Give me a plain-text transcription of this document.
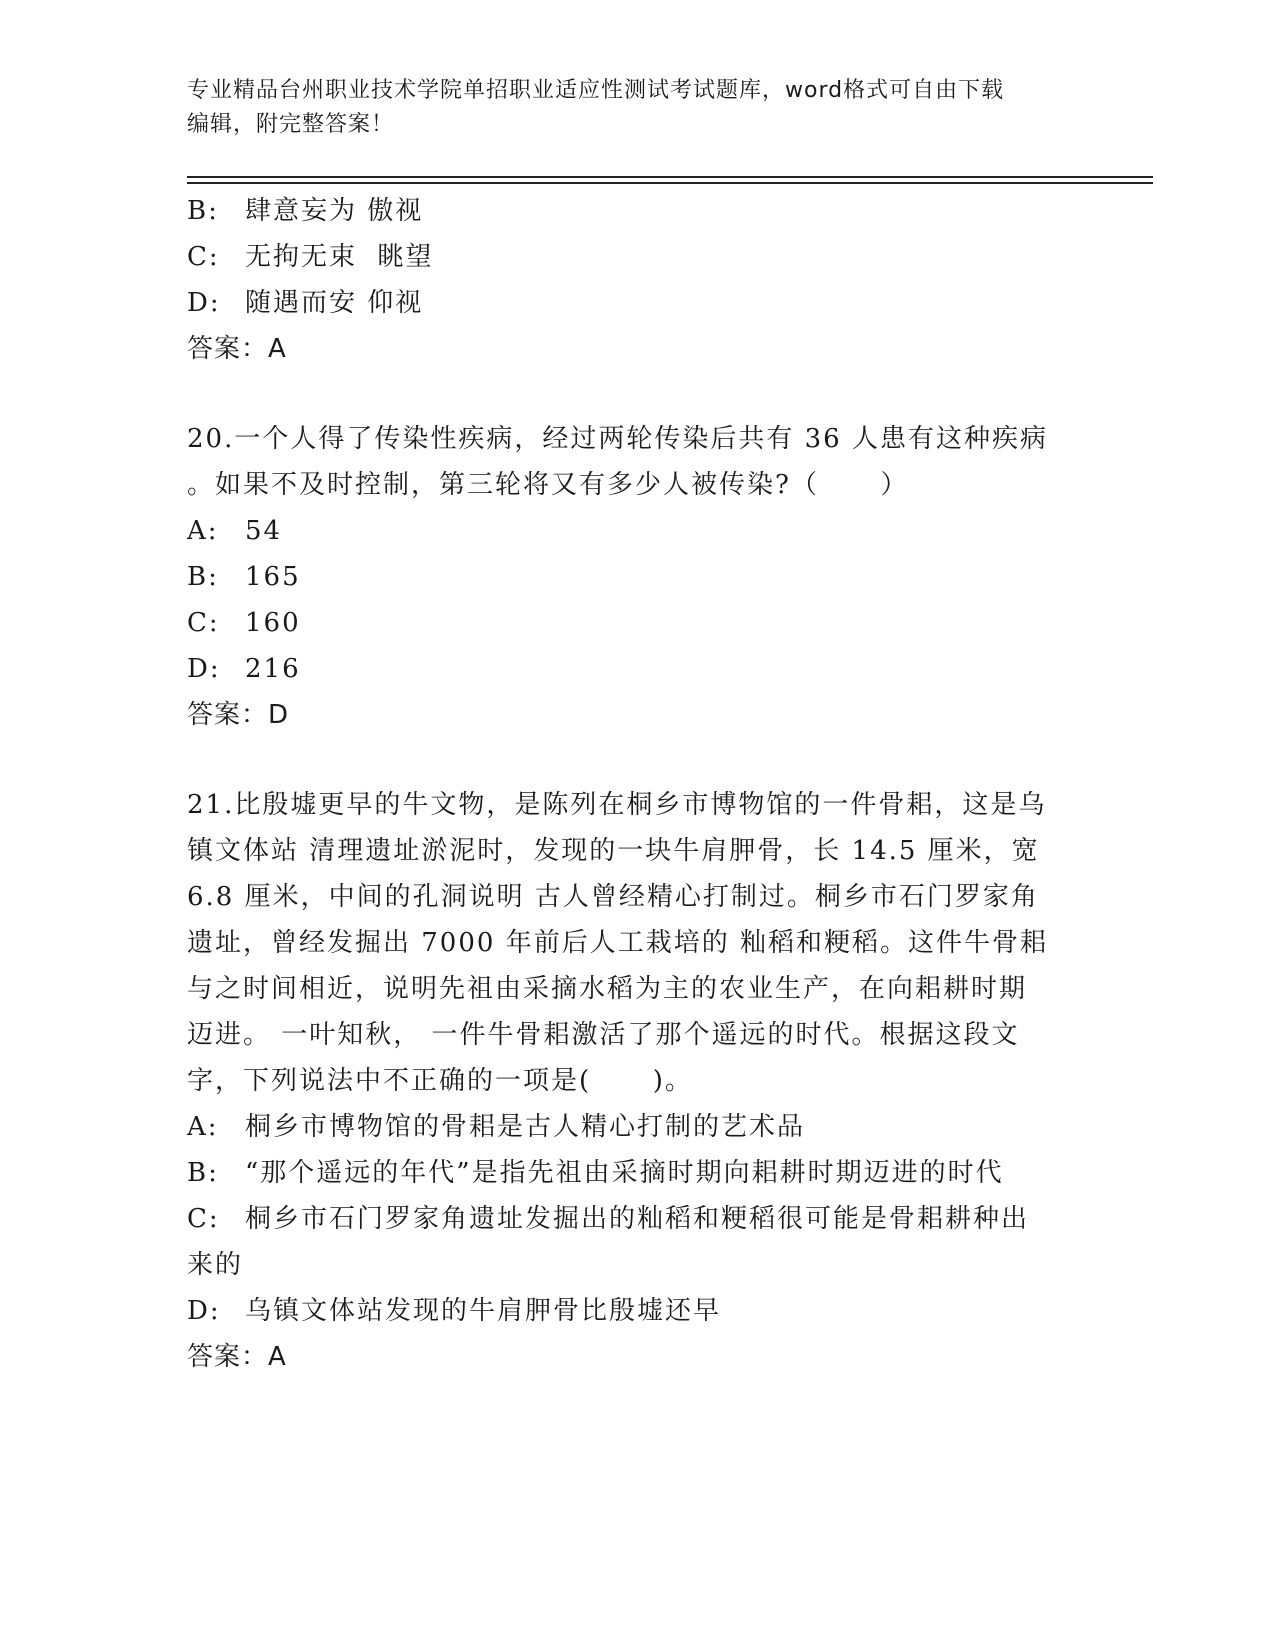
专业精品台州职业技术学院单招职业适应性测试考试题库，word格式可自由下载
编辑，附完整答案！
B: 肆意妄为 傲视
C: 无拘无束  眺望
D: 随遇而安 仰视
答案：A
20.一个人得了传染性疾病，经过两轮传染后共有 36 人患有这种疾病
。如果不及时控制，第三轮将又有多少人被传染?（      ）
A: 54
B: 165
C: 160
D: 216
答案：D
21.比殷墟更早的牛文物，是陈列在桐乡市博物馆的一件骨耜，这是乌
镇文体站 清理遗址淤泥时，发现的一块牛肩胛骨，长 14.5 厘米，宽
6.8 厘米，中间的孔洞说明 古人曾经精心打制过。桐乡市石门罗家角
遗址，曾经发掘出 7000 年前后人工栽培的 籼稻和粳稻。这件牛骨耜
与之时间相近，说明先祖由采摘水稻为主的农业生产，在向耜耕时期
迈进。 一叶知秋， 一件牛骨耜激活了那个遥远的时代。根据这段文
字，下列说法中不正确的一项是(      )。
A: 桐乡市博物馆的骨耜是古人精心打制的艺术品
B: “那个遥远的年代”是指先祖由采摘时期向耜耕时期迈进的时代
C: 桐乡市石门罗家角遗址发掘出的籼稻和粳稻很可能是骨耜耕种出
来的
D: 乌镇文体站发现的牛肩胛骨比殷墟还早
答案：A
